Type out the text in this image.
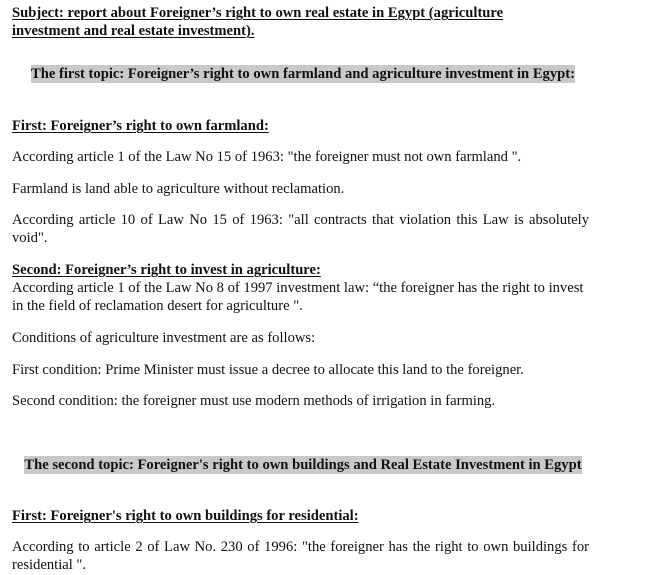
Subject: report about Foreigner’s right to own real estate in Egypt (agriculture investment and real estate investment).

The first topic: Foreigner’s right to own farmland and agriculture investment in Egypt:

First: Foreigner’s right to own farmland:

According article 1 of the Law No 15 of 1963: "the foreigner must not own farmland ".

Farmland is land able to agriculture without reclamation.

According article 10 of Law No 15 of 1963: "all contracts that violation this Law is absolutely void".

Second: Foreigner’s right to invest in agriculture:

According article 1 of the Law No 8 of 1997 investment law: “the foreigner has the right to invest in the field of reclamation desert for agriculture ".

Conditions of agriculture investment are as follows:

First condition: Prime Minister must issue a decree to allocate this land to the foreigner.

Second condition: the foreigner must use modern methods of irrigation in farming.

The second topic: Foreigner's right to own buildings and Real Estate Investment in Egypt

First: Foreigner's right to own buildings for residential:

According to article 2 of Law No. 230 of 1996: "the foreigner has the right to own buildings for residential ".
